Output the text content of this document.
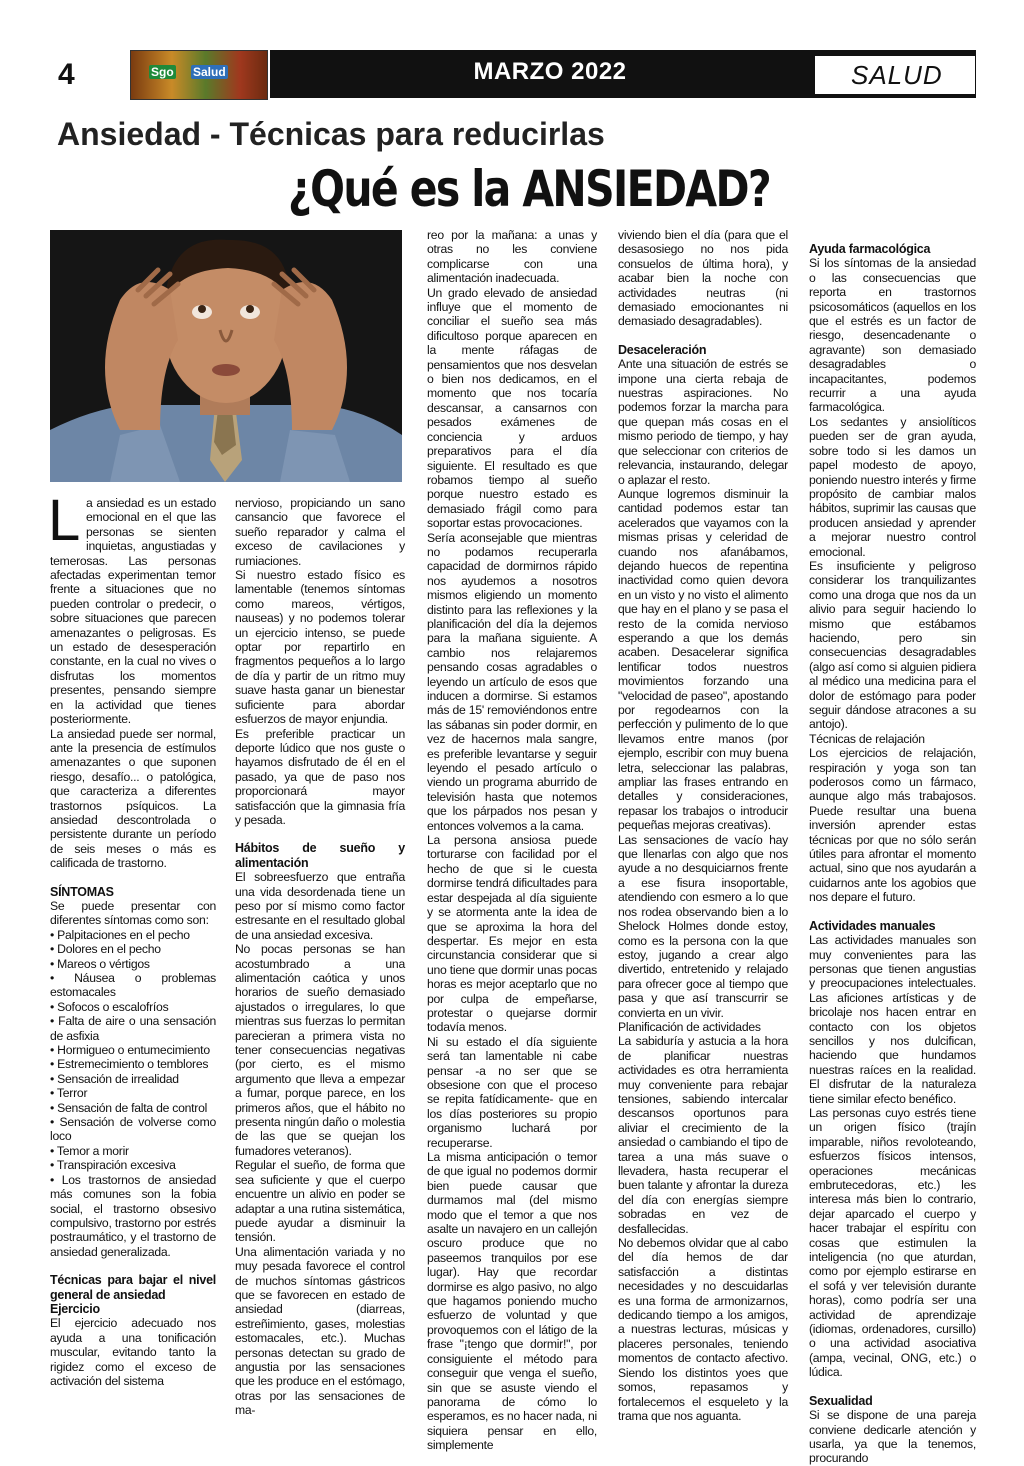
4	Sgo Salud	MARZO 2022	SALUD
Ansiedad - Técnicas para reducirlas
¿Qué es la ANSIEDAD?

La ansiedad es un estado emocional en el que las personas se sienten inquietas, angustiadas y temerosas. Las personas afectadas experimentan temor frente a situaciones que no pueden controlar o predecir, o sobre situaciones que parecen amenazantes o peligrosas. Es un estado de desesperación constante, en la cual no vives o disfrutas los momentos presentes, pensando siempre en la actividad que tienes posteriormente.

La ansiedad puede ser normal, ante la presencia de estímulos amenazantes o que suponen riesgo, desafío... o patológica, que caracteriza a diferentes trastornos psíquicos. La ansiedad descontrolada o persistente durante un período de seis meses o más es calificada de trastorno.

SÍNTOMAS

Se puede presentar con diferentes síntomas como son:

• Palpitaciones en el pecho

• Dolores en el pecho

• Mareos o vértigos

• Náusea o problemas estomacales

• Sofocos o escalofríos

• Falta de aire o una sensación de asfixia

• Hormigueo o entumecimiento

• Estremecimiento o temblores

• Sensación de irrealidad

• Terror

• Sensación de falta de control

• Sensación de volverse como loco

• Temor a morir

• Transpiración excesiva

• Los trastornos de ansiedad más comunes son la fobia social, el trastorno obsesivo compulsivo, trastorno por estrés postraumático, y el trastorno de ansiedad generalizada.

Técnicas para bajar el nivel general de ansiedad
Ejercicio

El ejercicio adecuado nos ayuda a una tonificación muscular, evitando tanto la rigidez como el exceso de activación del sistema

nervioso, propiciando un sano cansancio que favorece el sueño reparador y calma el exceso de cavilaciones y rumiaciones.

Si nuestro estado físico es lamentable (tenemos síntomas como mareos, vértigos, nauseas) y no podemos tolerar un ejercicio intenso, se puede optar por repartirlo en fragmentos pequeños a lo largo de día y partir de un ritmo muy suave hasta ganar un bienestar suficiente para abordar esfuerzos de mayor enjundia.

Es preferible practicar un deporte lúdico que nos guste o hayamos disfrutado de él en el pasado, ya que de paso nos proporcionará mayor satisfacción que la gimnasia fría y pesada.

Hábitos de sueño y alimentación

El sobreesfuerzo que entraña una vida desordenada tiene un peso por sí mismo como factor estresante en el resultado global de una ansiedad excesiva.

No pocas personas se han acostumbrado a una alimentación caótica y unos horarios de sueño demasiado ajustados o irregulares, lo que mientras sus fuerzas lo permitan parecieran a primera vista no tener consecuencias negativas (por cierto, es el mismo argumento que lleva a empezar a fumar, porque parece, en los primeros años, que el hábito no presenta ningún daño o molestia de las que se quejan los fumadores veteranos).

Regular el sueño, de forma que sea suficiente y que el cuerpo encuentre un alivio en poder se adaptar a una rutina sistemática, puede ayudar a disminuir la tensión.

Una alimentación variada y no muy pesada favorece el control de muchos síntomas gástricos que se favorecen en estado de ansiedad (diarreas, estreñimiento, gases, molestias estomacales, etc.). Muchas personas detectan su grado de angustia por las sensaciones que les produce en el estómago, otras por las sensaciones de ma-

reo por la mañana: a unas y otras no les conviene complicarse con una alimentación inadecuada.

Un grado elevado de ansiedad influye que el momento de conciliar el sueño sea más dificultoso porque aparecen en la mente ráfagas de pensamientos que nos desvelan o bien nos dedicamos, en el momento que nos tocaría descansar, a cansarnos con pesados exámenes de conciencia y arduos preparativos para el día siguiente. El resultado es que robamos tiempo al sueño porque nuestro estado es demasiado frágil como para soportar estas provocaciones.

Sería aconsejable que mientras no podamos recuperarla capacidad de dormirnos rápido nos ayudemos a nosotros mismos eligiendo un momento distinto para las reflexiones y la planificación del día la dejemos para la mañana siguiente. A cambio nos relajaremos pensando cosas agradables o leyendo un artículo de esos que inducen a dormirse. Si estamos más de 15' removiéndonos entre las sábanas sin poder dormir, en vez de hacernos mala sangre, es preferible levantarse y seguir leyendo el pesado artículo o viendo un programa aburrido de televisión hasta que notemos que los párpados nos pesan y entonces volvemos a la cama.

La persona ansiosa puede torturarse con facilidad por el hecho de que si le cuesta dormirse tendrá dificultades para estar despejada al día siguiente y se atormenta ante la idea de que se aproxima la hora del despertar. Es mejor en esta circunstancia considerar que si uno tiene que dormir unas pocas horas es mejor aceptarlo que no por culpa de empeñarse, protestar o quejarse dormir todavía menos.

Ni su estado el día siguiente será tan lamentable ni cabe pensar -a no ser que se obsesione con que el proceso se repita fatídicamente- que en los días posteriores su propio organismo luchará por recuperarse.

La misma anticipación o temor de que igual no podemos dormir bien puede causar que durmamos mal (del mismo modo que el temor a que nos asalte un navajero en un callejón oscuro produce que no paseemos tranquilos por ese lugar). Hay que recordar dormirse es algo pasivo, no algo que hagamos poniendo mucho esfuerzo de voluntad y que provoquemos con el látigo de la frase "¡tengo que dormir!", por consiguiente el método para conseguir que venga el sueño, sin que se asuste viendo el panorama de cómo lo esperamos, es no hacer nada, ni siquiera pensar en ello, simplemente

viviendo bien el día (para que el desasosiego no nos pida consuelos de última hora), y acabar bien la noche con actividades neutras (ni demasiado emocionantes ni demasiado desagradables).

Desaceleración

Ante una situación de estrés se impone una cierta rebaja de nuestras aspiraciones. No podemos forzar la marcha para que quepan más cosas en el mismo periodo de tiempo, y hay que seleccionar con criterios de relevancia, instaurando, delegar o aplazar el resto.

Aunque logremos disminuir la cantidad podemos estar tan acelerados que vayamos con la mismas prisas y celeridad de cuando nos afanábamos, dejando huecos de repentina inactividad como quien devora en un visto y no visto el alimento que hay en el plano y se pasa el resto de la comida nervioso esperando a que los demás acaben. Desacelerar significa lentificar todos nuestros movimientos forzando una "velocidad de paseo", apostando por regodearnos con la perfección y pulimento de lo que llevamos entre manos (por ejemplo, escribir con muy buena letra, seleccionar las palabras, ampliar las frases entrando en detalles y consideraciones, repasar los trabajos o introducir pequeñas mejoras creativas).

Las sensaciones de vacío hay que llenarlas con algo que nos ayude a no desquiciarnos frente a ese fisura insoportable, atendiendo con esmero a lo que nos rodea observando bien a lo Shelock Holmes donde estoy, como es la persona con la que estoy, jugando a crear algo divertido, entretenido y relajado para ofrecer goce al tiempo que pasa y que así transcurrir se convierta en un vivir.

Planificación de actividades

La sabiduría y astucia a la hora de planificar nuestras actividades es otra herramienta muy conveniente para rebajar tensiones, sabiendo intercalar descansos oportunos para aliviar el crecimiento de la ansiedad o cambiando el tipo de tarea a una más suave o llevadera, hasta recuperar el buen talante y afrontar la dureza del día con energías siempre sobradas en vez de desfallecidas.

No debemos olvidar que al cabo del día hemos de dar satisfacción a distintas necesidades y no descuidarlas es una forma de armonizarnos, dedicando tiempo a los amigos, a nuestras lecturas, músicas y placeres personales, teniendo momentos de contacto afectivo. Siendo los distintos yoes que somos, repasamos y fortalecemos el esqueleto y la trama que nos aguanta.

Ayuda farmacológica

Si los síntomas de la ansiedad o las consecuencias que reporta en trastornos psicosomáticos (aquellos en los que el estrés es un factor de riesgo, desencadenante o agravante) son demasiado desagradables o incapacitantes, podemos recurrir a una ayuda farmacológica.

Los sedantes y ansiolíticos pueden ser de gran ayuda, sobre todo si les damos un papel modesto de apoyo, poniendo nuestro interés y firme propósito de cambiar malos hábitos, suprimir las causas que producen ansiedad y aprender a mejorar nuestro control emocional.

Es insuficiente y peligroso considerar los tranquilizantes como una droga que nos da un alivio para seguir haciendo lo mismo que estábamos haciendo, pero sin consecuencias desagradables (algo así como si alguien pidiera al médico una medicina para el dolor de estómago para poder seguir dándose atracones a su antojo).

Técnicas de relajación

Los ejercicios de relajación, respiración y yoga son tan poderosos como un fármaco, aunque algo más trabajosos. Puede resultar una buena inversión aprender estas técnicas por que no sólo serán útiles para afrontar el momento actual, sino que nos ayudarán a cuidarnos ante los agobios que nos depare el futuro.

Actividades manuales

Las actividades manuales son muy convenientes para las personas que tienen angustias y preocupaciones intelectuales. Las aficiones artísticas y de bricolaje nos hacen entrar en contacto con los objetos sencillos y nos dulcifican, haciendo que hundamos nuestras raíces en la realidad. El disfrutar de la naturaleza tiene similar efecto benéfico.

Las personas cuyo estrés tiene un origen físico (trajín imparable, niños revoloteando, esfuerzos físicos intensos, operaciones mecánicas embrutecedoras, etc.) les interesa más bien lo contrario, dejar aparcado el cuerpo y hacer trabajar el espíritu con cosas que estimulen la inteligencia (no que aturdan, como por ejemplo estirarse en el sofá y ver televisión durante horas), como podría ser una actividad de aprendizaje (idiomas, ordenadores, cursillo) o una actividad asociativa (ampa, vecinal, ONG, etc.) o lúdica.

Sexualidad

Si se dispone de una pareja conviene dedicarle atención y usarla, ya que la tenemos, procurando
